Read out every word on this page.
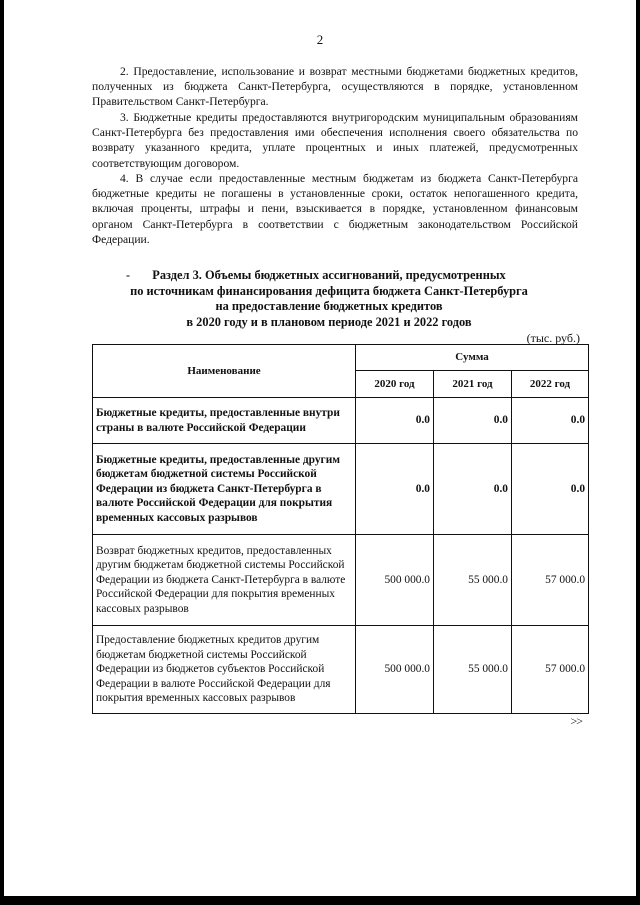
2

2. Предоставление, использование и возврат местными бюджетами бюджетных кредитов, полученных из бюджета Санкт-Петербурга, осуществляются в порядке, установленном Правительством Санкт-Петербурга.

3. Бюджетные кредиты предоставляются внутригородским муниципальным образованиям Санкт-Петербурга без предоставления ими обеспечения исполнения своего обязательства по возврату указанного кредита, уплате процентных и иных платежей, предусмотренных соответствующим договором.

4. В случае если предоставленные местным бюджетам из бюджета Санкт-Петербурга бюджетные кредиты не погашены в установленные сроки, остаток непогашенного кредита, включая проценты, штрафы и пени, взыскивается в порядке, установленном финансовым органом Санкт-Петербурга в соответствии с бюджетным законодательством Российской Федерации.

-	Раздел 3. Объемы бюджетных ассигнований, предусмотренных
по источникам финансирования дефицита бюджета Санкт-Петербурга
на предоставление бюджетных кредитов
в 2020 году и в плановом периоде 2021 и 2022 годов
(тыс. руб.)
Наименование	Сумма		
	2020 год	2021 год	2022 год
Бюджетные кредиты, предоставленные внутри страны в валюте Российской Федерации	0.0	0.0	0.0
Бюджетные кредиты, предоставленные другим бюджетам бюджетной системы Российской Федерации из бюджета Санкт-Петербурга в валюте Российской Федерации для покрытия временных кассовых разрывов	0.0	0.0	0.0
Возврат бюджетных кредитов, предоставленных другим бюджетам бюджетной системы Российской Федерации из бюджета Санкт-Петербурга в валюте Российской Федерации для покрытия временных кассовых разрывов	500 000.0	55 000.0	57 000.0
Предоставление бюджетных кредитов другим бюджетам бюджетной системы Российской Федерации из бюджетов субъектов Российской Федерации в валюте Российской Федерации для покрытия временных кассовых разрывов	500 000.0	55 000.0	57 000.0
>>
